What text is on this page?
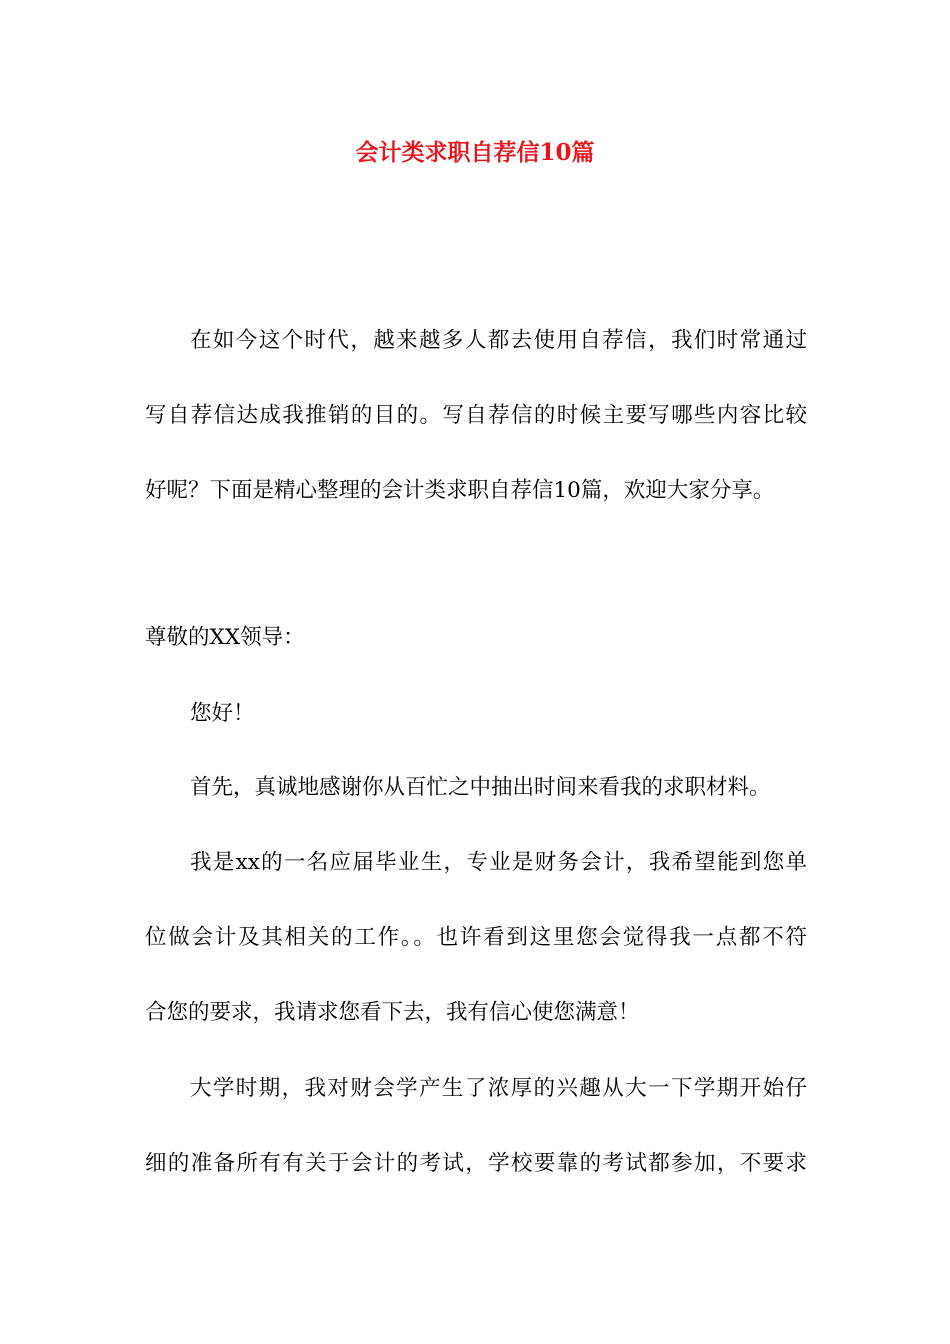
会计类求职自荐信10篇

在如今这个时代，越来越多人都去使用自荐信，我们时常通过

写自荐信达成我推销的目的。写自荐信的时候主要写哪些内容比较

好呢？下面是精心整理的会计类求职自荐信10篇，欢迎大家分享。

尊敬的XX领导：

您好！

首先，真诚地感谢你从百忙之中抽出时间来看我的求职材料。

我是xx的一名应届毕业生，专业是财务会计，我希望能到您单

位做会计及其相关的工作。。也许看到这里您会觉得我一点都不符

合您的要求，我请求您看下去，我有信心使您满意！

大学时期，我对财会学产生了浓厚的兴趣从大一下学期开始仔

细的准备所有有关于会计的考试，学校要靠的考试都参加，不要求
